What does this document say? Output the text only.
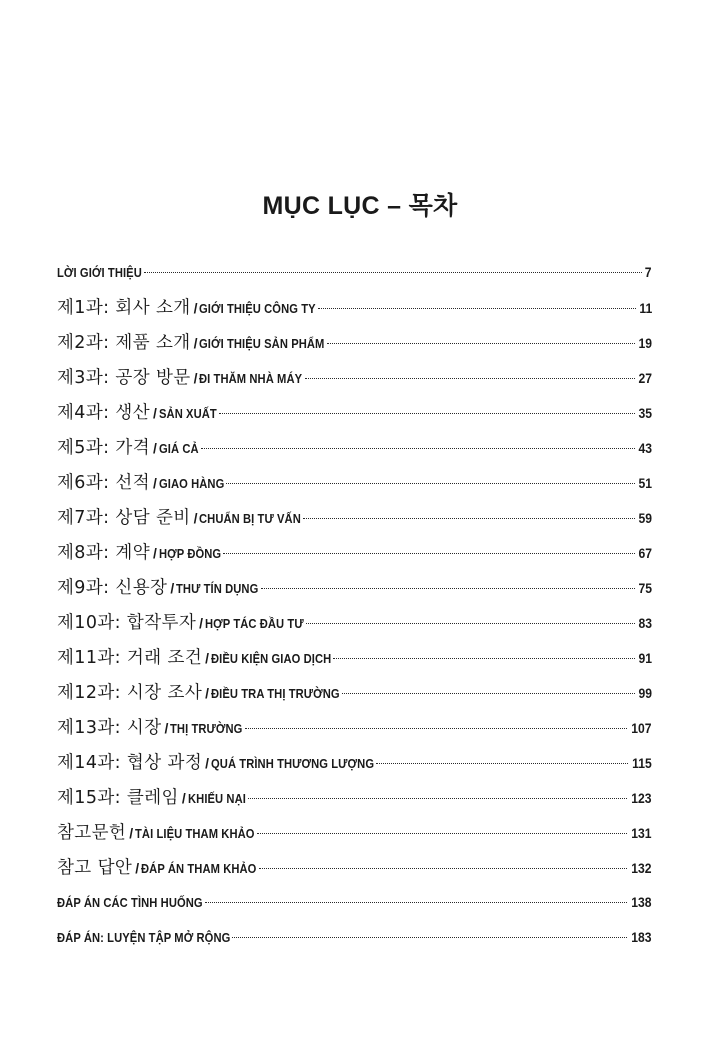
MỤC LỤC – 목차
LỜI GIỚI THIỆU	7
제1과: 회사 소개 / GIỚI THIỆU CÔNG TY	11
제2과: 제품 소개 / GIỚI THIỆU SẢN PHẨM	19
제3과: 공장 방문 / ĐI THĂM NHÀ MÁY	27
제4과: 생산 / SẢN XUẤT	35
제5과: 가격 / GIÁ CẢ	43
제6과: 선적 / GIAO HÀNG	51
제7과: 상담 준비 / CHUẨN BỊ TƯ VẤN	59
제8과: 계약 / HỢP ĐỒNG	67
제9과: 신용장 / THƯ TÍN DỤNG	75
제10과: 합작투자 / HỢP TÁC ĐẦU TƯ	83
제11과: 거래 조건 / ĐIỀU KIỆN GIAO DỊCH	91
제12과: 시장 조사 / ĐIỀU TRA THỊ TRƯỜNG	99
제13과: 시장 / THỊ TRƯỜNG	107
제14과: 협상 과정 / QUÁ TRÌNH THƯƠNG LƯỢNG	115
제15과: 클레임 / KHIẾU NẠI	123
참고문헌 / TÀI LIỆU THAM KHẢO	131
참고 답안 / ĐÁP ÁN THAM KHẢO	132
ĐÁP ÁN CÁC TÌNH HUỐNG	138
ĐÁP ÁN: LUYỆN TẬP MỞ RỘNG	183
